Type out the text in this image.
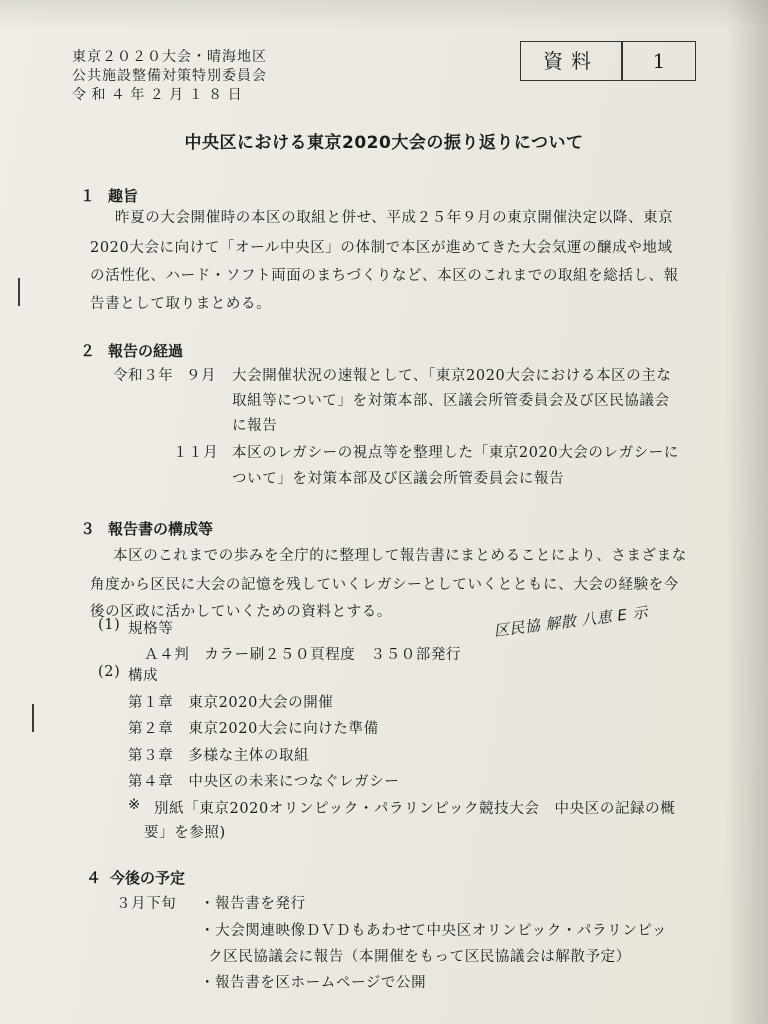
東京２０２０大会・晴海地区
公共施設整備対策特別委員会
令 和 ４ 年 ２ 月 １ ８ 日
資料	1
中央区における東京2020大会の振り返りについて
１ 趣旨
昨夏の大会開催時の本区の取組と併せ、平成２５年９月の東京開催決定以降、東京
2020大会に向けて「オール中央区」の体制で本区が進めてきた大会気運の醸成や地域
の活性化、ハード・ソフト両面のまちづくりなど、本区のこれまでの取組を総括し、報
告書として取りまとめる。
２ 報告の経過
令和３年 ９月 大会開催状況の速報として、「東京2020大会における本区の主な
取組等について」を対策本部、区議会所管委員会及び区民協議会
に報告
１１月 本区のレガシーの視点等を整理した「東京2020大会のレガシーに
ついて」を対策本部及び区議会所管委員会に報告
３ 報告書の構成等
本区のこれまでの歩みを全庁的に整理して報告書にまとめることにより、さまざまな
角度から区民に大会の記憶を残していくレガシーとしていくとともに、大会の経験を今
後の区政に活かしていくための資料とする。
(1) 規格等
Ａ４判　カラー刷２５０頁程度　３５０部発行
区民協 解散 八恵 E 示
(2) 構成
第１章　東京2020大会の開催
第２章　東京2020大会に向けた準備
第３章　多様な主体の取組
第４章　中央区の未来につなぐレガシー
※ 別紙「東京2020オリンピック・パラリンピック競技大会　中央区の記録の概
要」を参照)
４ 今後の予定
３月下旬 ・報告書を発行
・大会関連映像ＤＶＤもあわせて中央区オリンピック・パラリンピッ
ク区民協議会に報告（本開催をもって区民協議会は解散予定）
・報告書を区ホームページで公開
